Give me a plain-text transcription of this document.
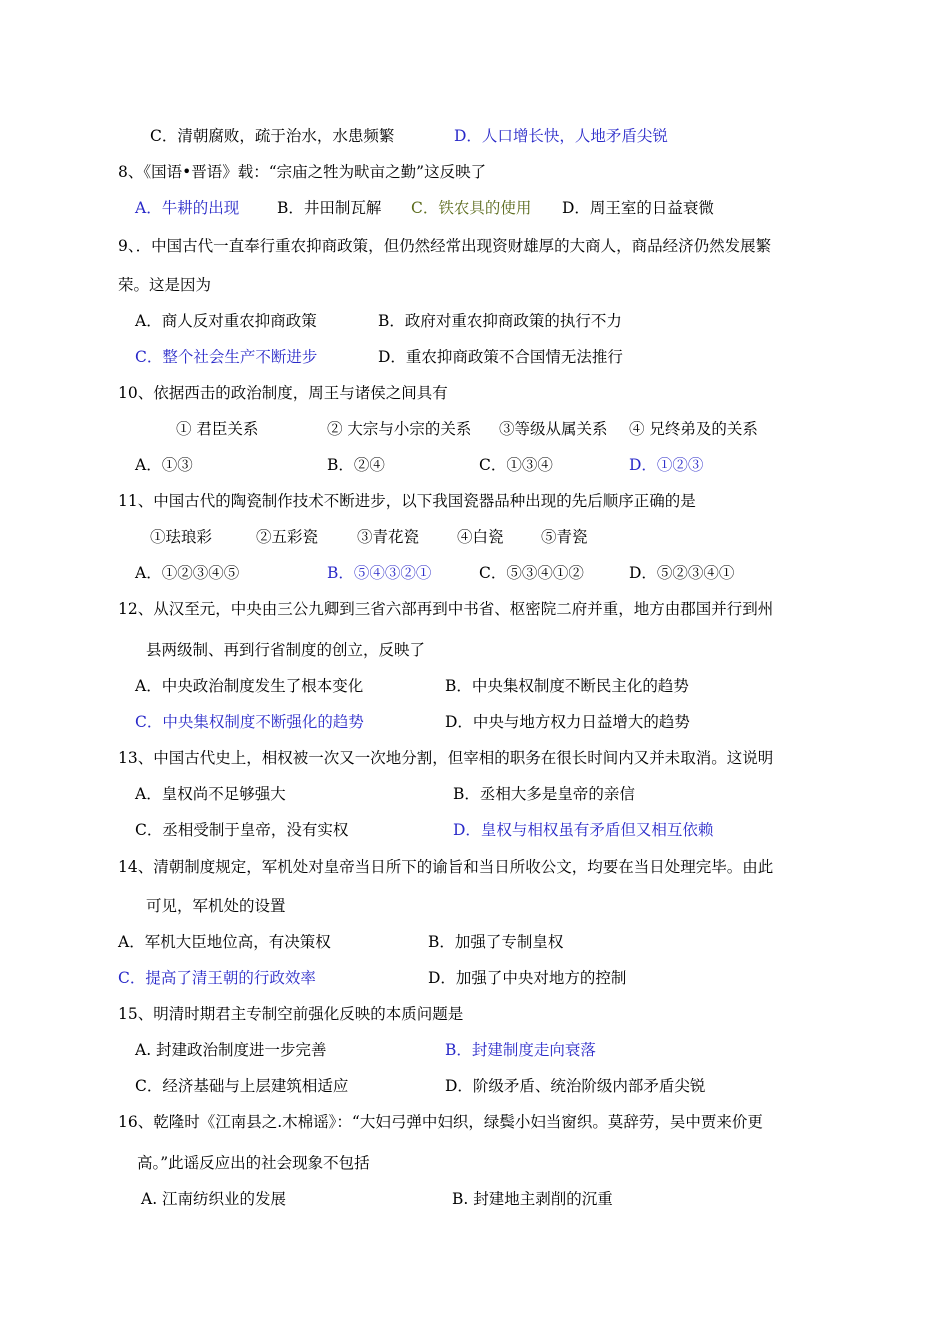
C．清朝腐败，疏于治水，水患频繁	D．人口增长快，人地矛盾尖锐
8、《国语•晋语》载：“宗庙之牲为畎亩之勤”这反映了
A．牛耕的出现 B．井田制瓦解 C．铁农具的使用 D．周王室的日益衰微
9、．中国古代一直奉行重农抑商政策，但仍然经常出现资财雄厚的大商人，商品经济仍然发展繁
荣。这是因为
A．商人反对重农抑商政策	B．政府对重农抑商政策的执行不力
C．整个社会生产不断进步	D．重农抑商政策不合国情无法推行
10、依据西击的政治制度，周王与诸侯之间具有
① 君臣关系	② 大宗与小宗的关系 ③等级从属关系 ④ 兄终弟及的关系
A．①③	B．②④	C．①③④	D．①②③
11、中国古代的陶瓷制作技术不断进步，以下我国瓷器品种出现的先后顺序正确的是
①珐琅彩	②五彩瓷	③青花瓷 ④白瓷 ⑤青瓷
A．①②③④⑤	B．⑤④③②①	C．⑤③④①②	D．⑤②③④①
12、从汉至元，中央由三公九卿到三省六部再到中书省、枢密院二府并重，地方由郡国并行到州
县两级制、再到行省制度的创立，反映了
A．中央政治制度发生了根本变化	B．中央集权制度不断民主化的趋势
C．中央集权制度不断强化的趋势	D．中央与地方权力日益增大的趋势
13、中国古代史上，相权被一次又一次地分割，但宰相的职务在很长时间内又并未取消。这说明
A．皇权尚不足够强大	B．丞相大多是皇帝的亲信
C．丞相受制于皇帝，没有实权	D．皇权与相权虽有矛盾但又相互依赖
14、清朝制度规定，军机处对皇帝当日所下的谕旨和当日所收公文，均要在当日处理完毕。由此
可见，军机处的设置
A．军机大臣地位高，有决策权	B．加强了专制皇权
C．提高了清王朝的行政效率	D．加强了中央对地方的控制
15、明清时期君主专制空前强化反映的本质问题是
A. 封建政治制度进一步完善	B．封建制度走向衰落
C．经济基础与上层建筑相适应	D．阶级矛盾、统治阶级内部矛盾尖锐
16、乾隆时《江南县之.木棉谣》：“大妇弓弹中妇织，绿鬓小妇当窗织。莫辞劳，吴中贾来价更
高。”此谣反应出的社会现象不包括
A. 江南纺织业的发展	B. 封建地主剥削的沉重
